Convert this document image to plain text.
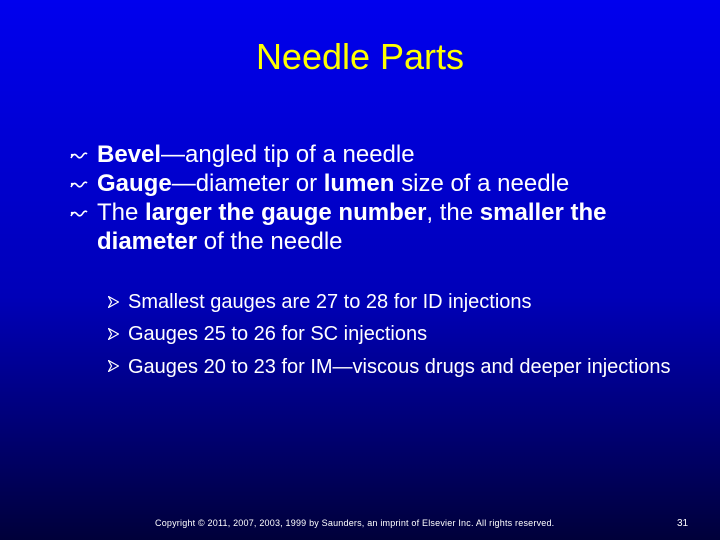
Needle Parts
Bevel—angled tip of a needle
Gauge—diameter or lumen size of a needle
The larger the gauge number, the smaller the diameter of the needle
Smallest gauges are 27 to 28 for ID injections
Gauges 25 to 26 for SC injections
Gauges 20 to 23 for IM—viscous drugs and deeper injections
Copyright © 2011, 2007, 2003, 1999 by Saunders, an imprint of Elsevier Inc. All rights reserved.	31
